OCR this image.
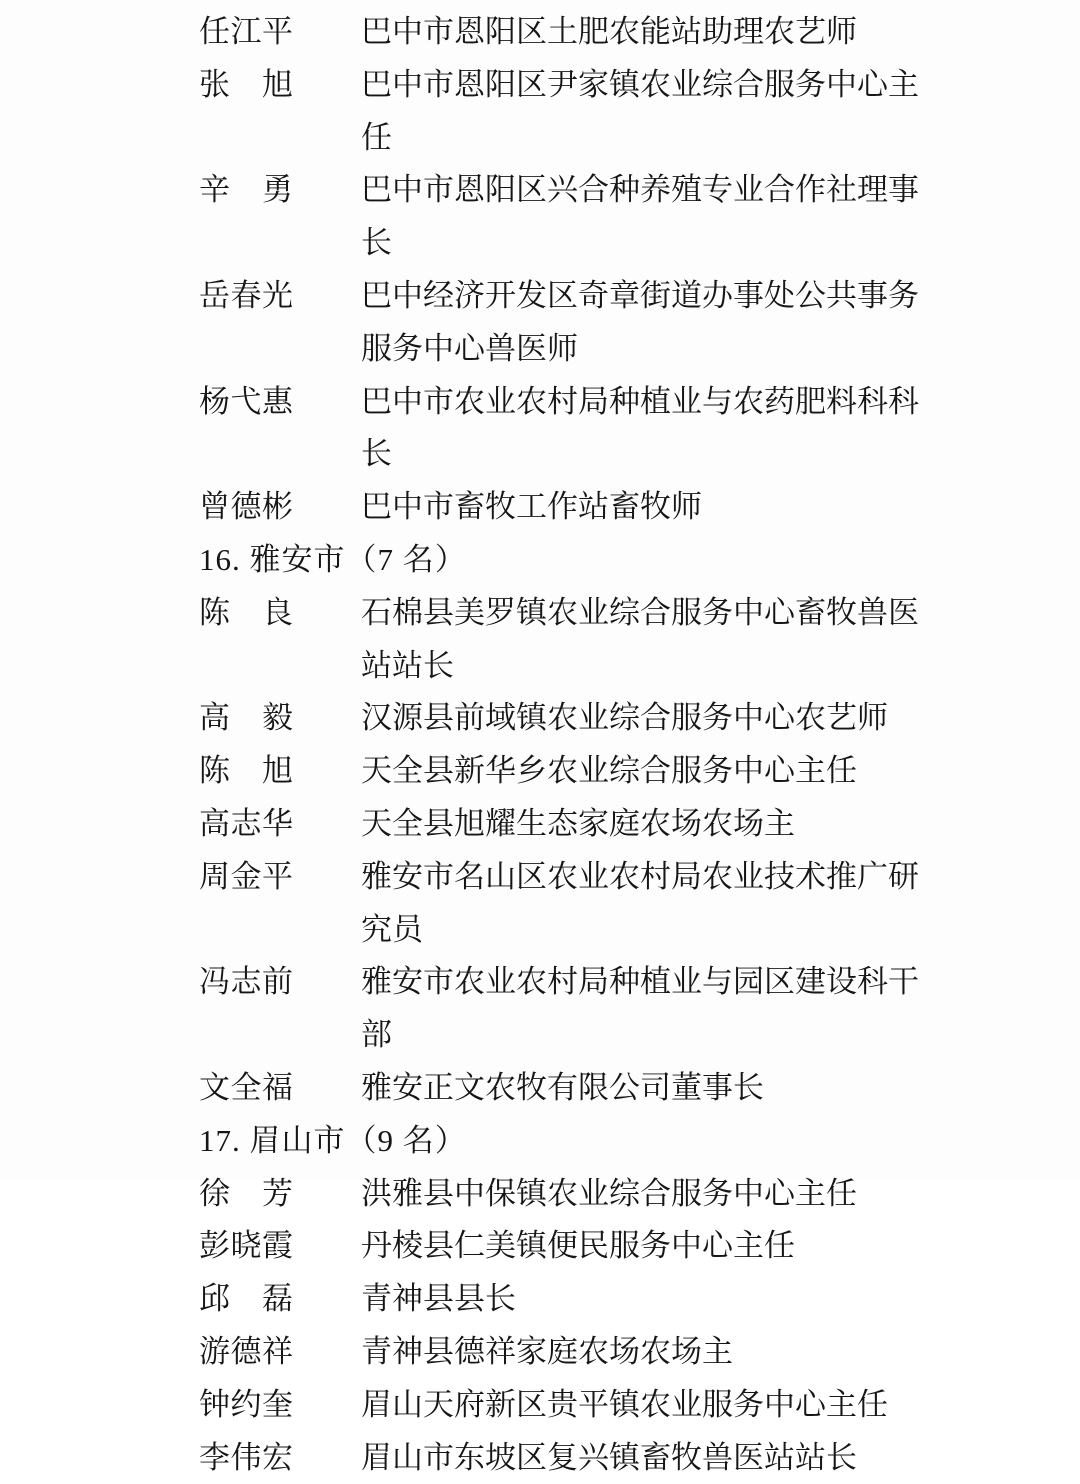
任江平 巴中市恩阳区土肥农能站助理农艺师
张　旭 巴中市恩阳区尹家镇农业综合服务中心主任
辛　勇 巴中市恩阳区兴合种养殖专业合作社理事长
岳春光 巴中经济开发区奇章街道办事处公共事务服务中心兽医师
杨弋惠 巴中市农业农村局种植业与农药肥料科科长
曾德彬 巴中市畜牧工作站畜牧师
16. 雅安市（7 名）
陈　良 石棉县美罗镇农业综合服务中心畜牧兽医站站长
高　毅 汉源县前域镇农业综合服务中心农艺师
陈　旭 天全县新华乡农业综合服务中心主任
高志华 天全县旭耀生态家庭农场农场主
周金平 雅安市名山区农业农村局农业技术推广研究员
冯志前 雅安市农业农村局种植业与园区建设科干部
文全福 雅安正文农牧有限公司董事长
17. 眉山市（9 名）
徐　芳 洪雅县中保镇农业综合服务中心主任
彭晓霞 丹棱县仁美镇便民服务中心主任
邱　磊 青神县县长
游德祥 青神县德祥家庭农场农场主
钟约奎 眉山天府新区贵平镇农业服务中心主任
李伟宏 眉山市东坡区复兴镇畜牧兽医站站长
